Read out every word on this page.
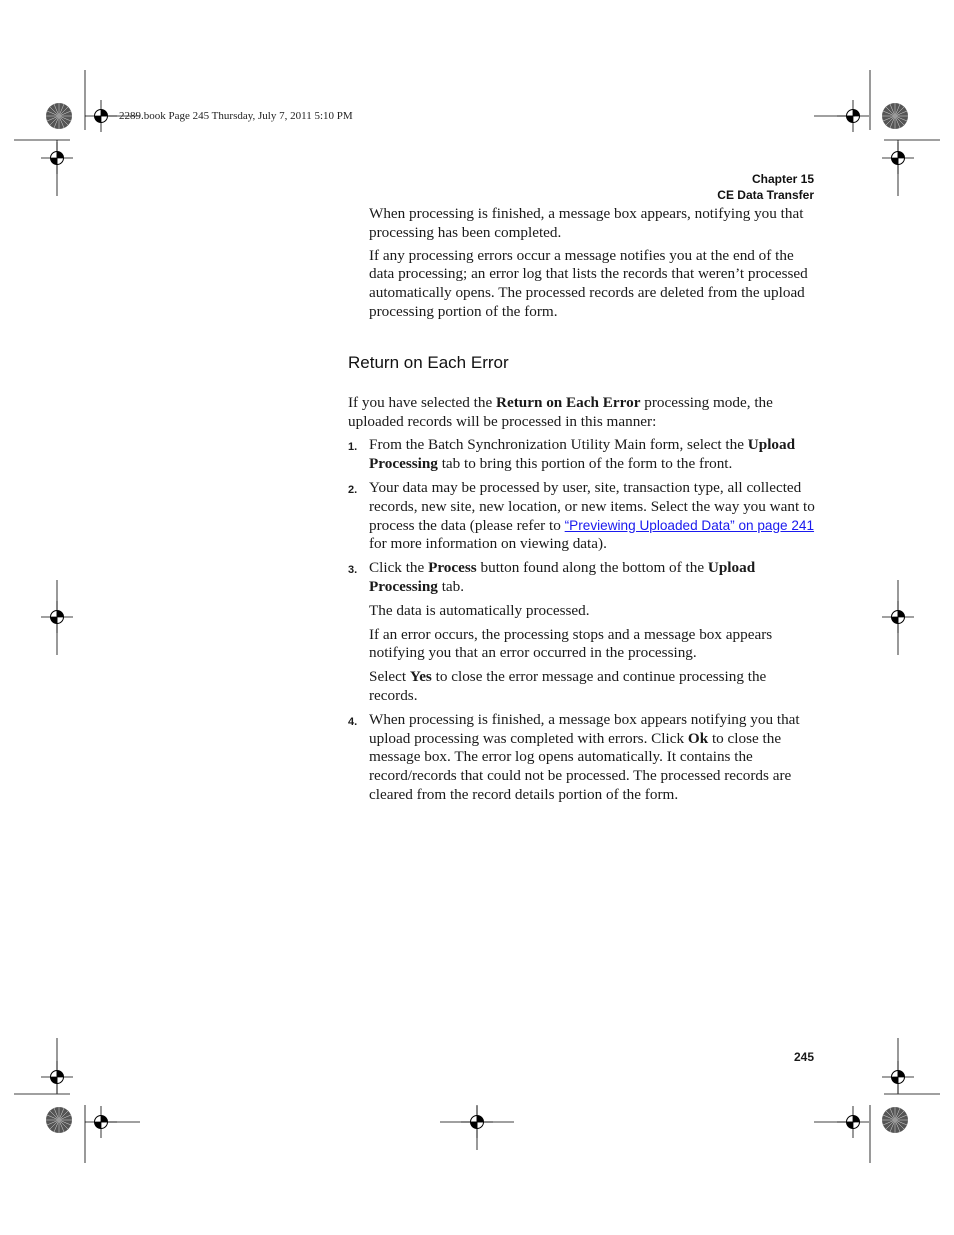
2289.book Page 245 Thursday, July 7, 2011 5:10 PM
Chapter 15
CE Data Transfer

When processing is finished, a message box appears, notifying you that processing has been completed.

If any processing errors occur a message notifies you at the end of the data processing; an error log that lists the records that weren’t processed automatically opens. The processed records are deleted from the upload processing portion of the form.

Return on Each Error

If you have selected the Return on Each Error processing mode, the uploaded records will be processed in this manner:

1. From the Batch Synchronization Utility Main form, select the Upload Processing tab to bring this portion of the form to the front.
2. Your data may be processed by user, site, transaction type, all collected records, new site, new location, or new items. Select the way you want to process the data (please refer to “Previewing Uploaded Data” on page 241 for more information on viewing data).
3. Click the Process button found along the bottom of the Upload Processing tab.

The data is automatically processed.

If an error occurs, the processing stops and a message box appears notifying you that an error occurred in the processing.

Select Yes to close the error message and continue processing the records.

4. When processing is finished, a message box appears notifying you that upload processing was completed with errors. Click Ok to close the message box. The error log opens automatically. It contains the record/records that could not be processed. The processed records are cleared from the record details portion of the form.
245
